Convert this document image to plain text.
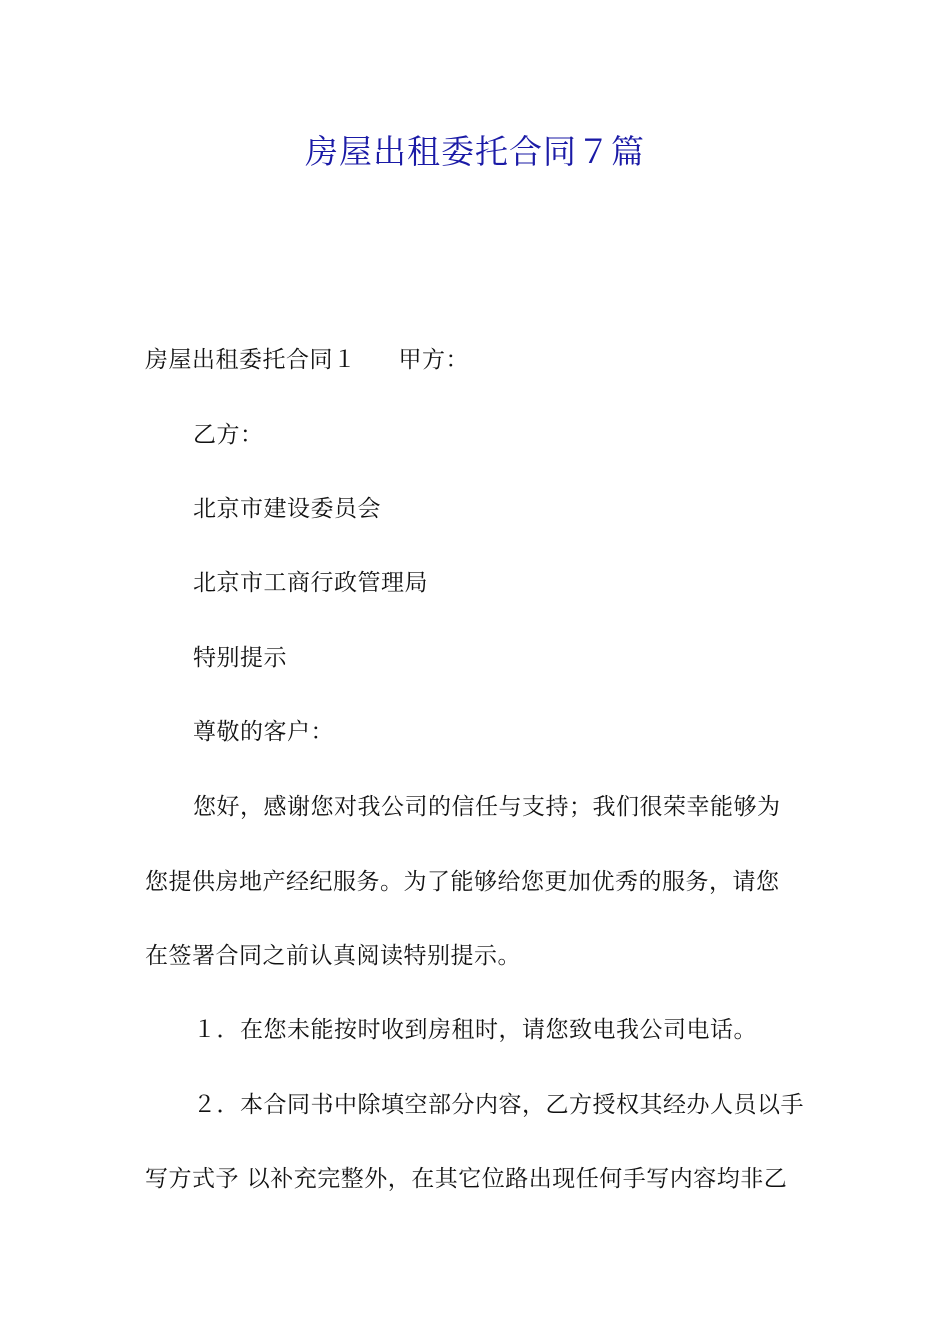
房屋出租委托合同７篇
房屋出租委托合同１ 甲方：
乙方：
北京市建设委员会
北京市工商行政管理局
特别提示
尊敬的客户：
您好，感谢您对我公司的信任与支持；我们很荣幸能够为
您提供房地产经纪服务。为了能够给您更加优秀的服务，请您
在签署合同之前认真阅读特别提示。
１．在您未能按时收到房租时，请您致电我公司电话。
２．本合同书中除填空部分内容，乙方授权其经办人员以手
写方式予 以补充完整外，在其它位路出现任何手写内容均非乙
